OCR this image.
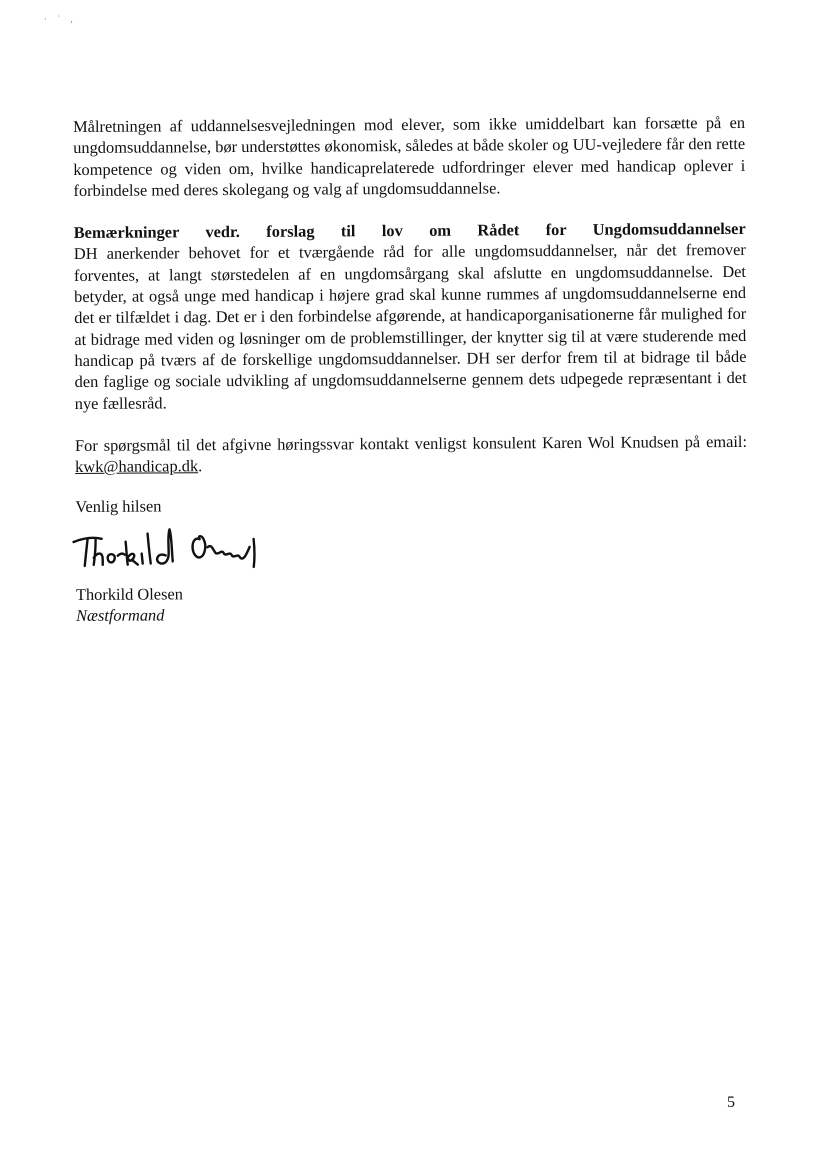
· ˙ ,

Målretningen af uddannelsesvejledningen mod elever, som ikke umiddelbart kan forsætte på en ungdomsuddannelse, bør understøttes økonomisk, således at både skoler og UU-vejledere får den rette kompetence og viden om, hvilke handicaprelaterede udfordringer elever med handicap oplever i forbindelse med deres skolegang og valg af ungdomsuddannelse.

Bemærkninger vedr. forslag til lov om Rådet for Ungdomsuddannelser

DH anerkender behovet for et tværgående råd for alle ungdomsuddannelser, når det fremover forventes, at langt størstedelen af en ungdomsårgang skal afslutte en ungdomsuddannelse. Det betyder, at også unge med handicap i højere grad skal kunne rummes af ungdomsuddannelserne end det er tilfældet i dag. Det er i den forbindelse afgørende, at handicaporganisationerne får mulighed for at bidrage med viden og løsninger om de problemstillinger, der knytter sig til at være studerende med handicap på tværs af de forskellige ungdomsuddannelser. DH ser derfor frem til at bidrage til både den faglige og sociale udvikling af ungdomsuddannelserne gennem dets udpegede repræsentant i det nye fællesråd.

For spørgsmål til det afgivne høringssvar kontakt venligst konsulent Karen Wol Knudsen på email: kwk@handicap.dk.

Venlig hilsen

Thorkild Olesen

Næstformand

5
